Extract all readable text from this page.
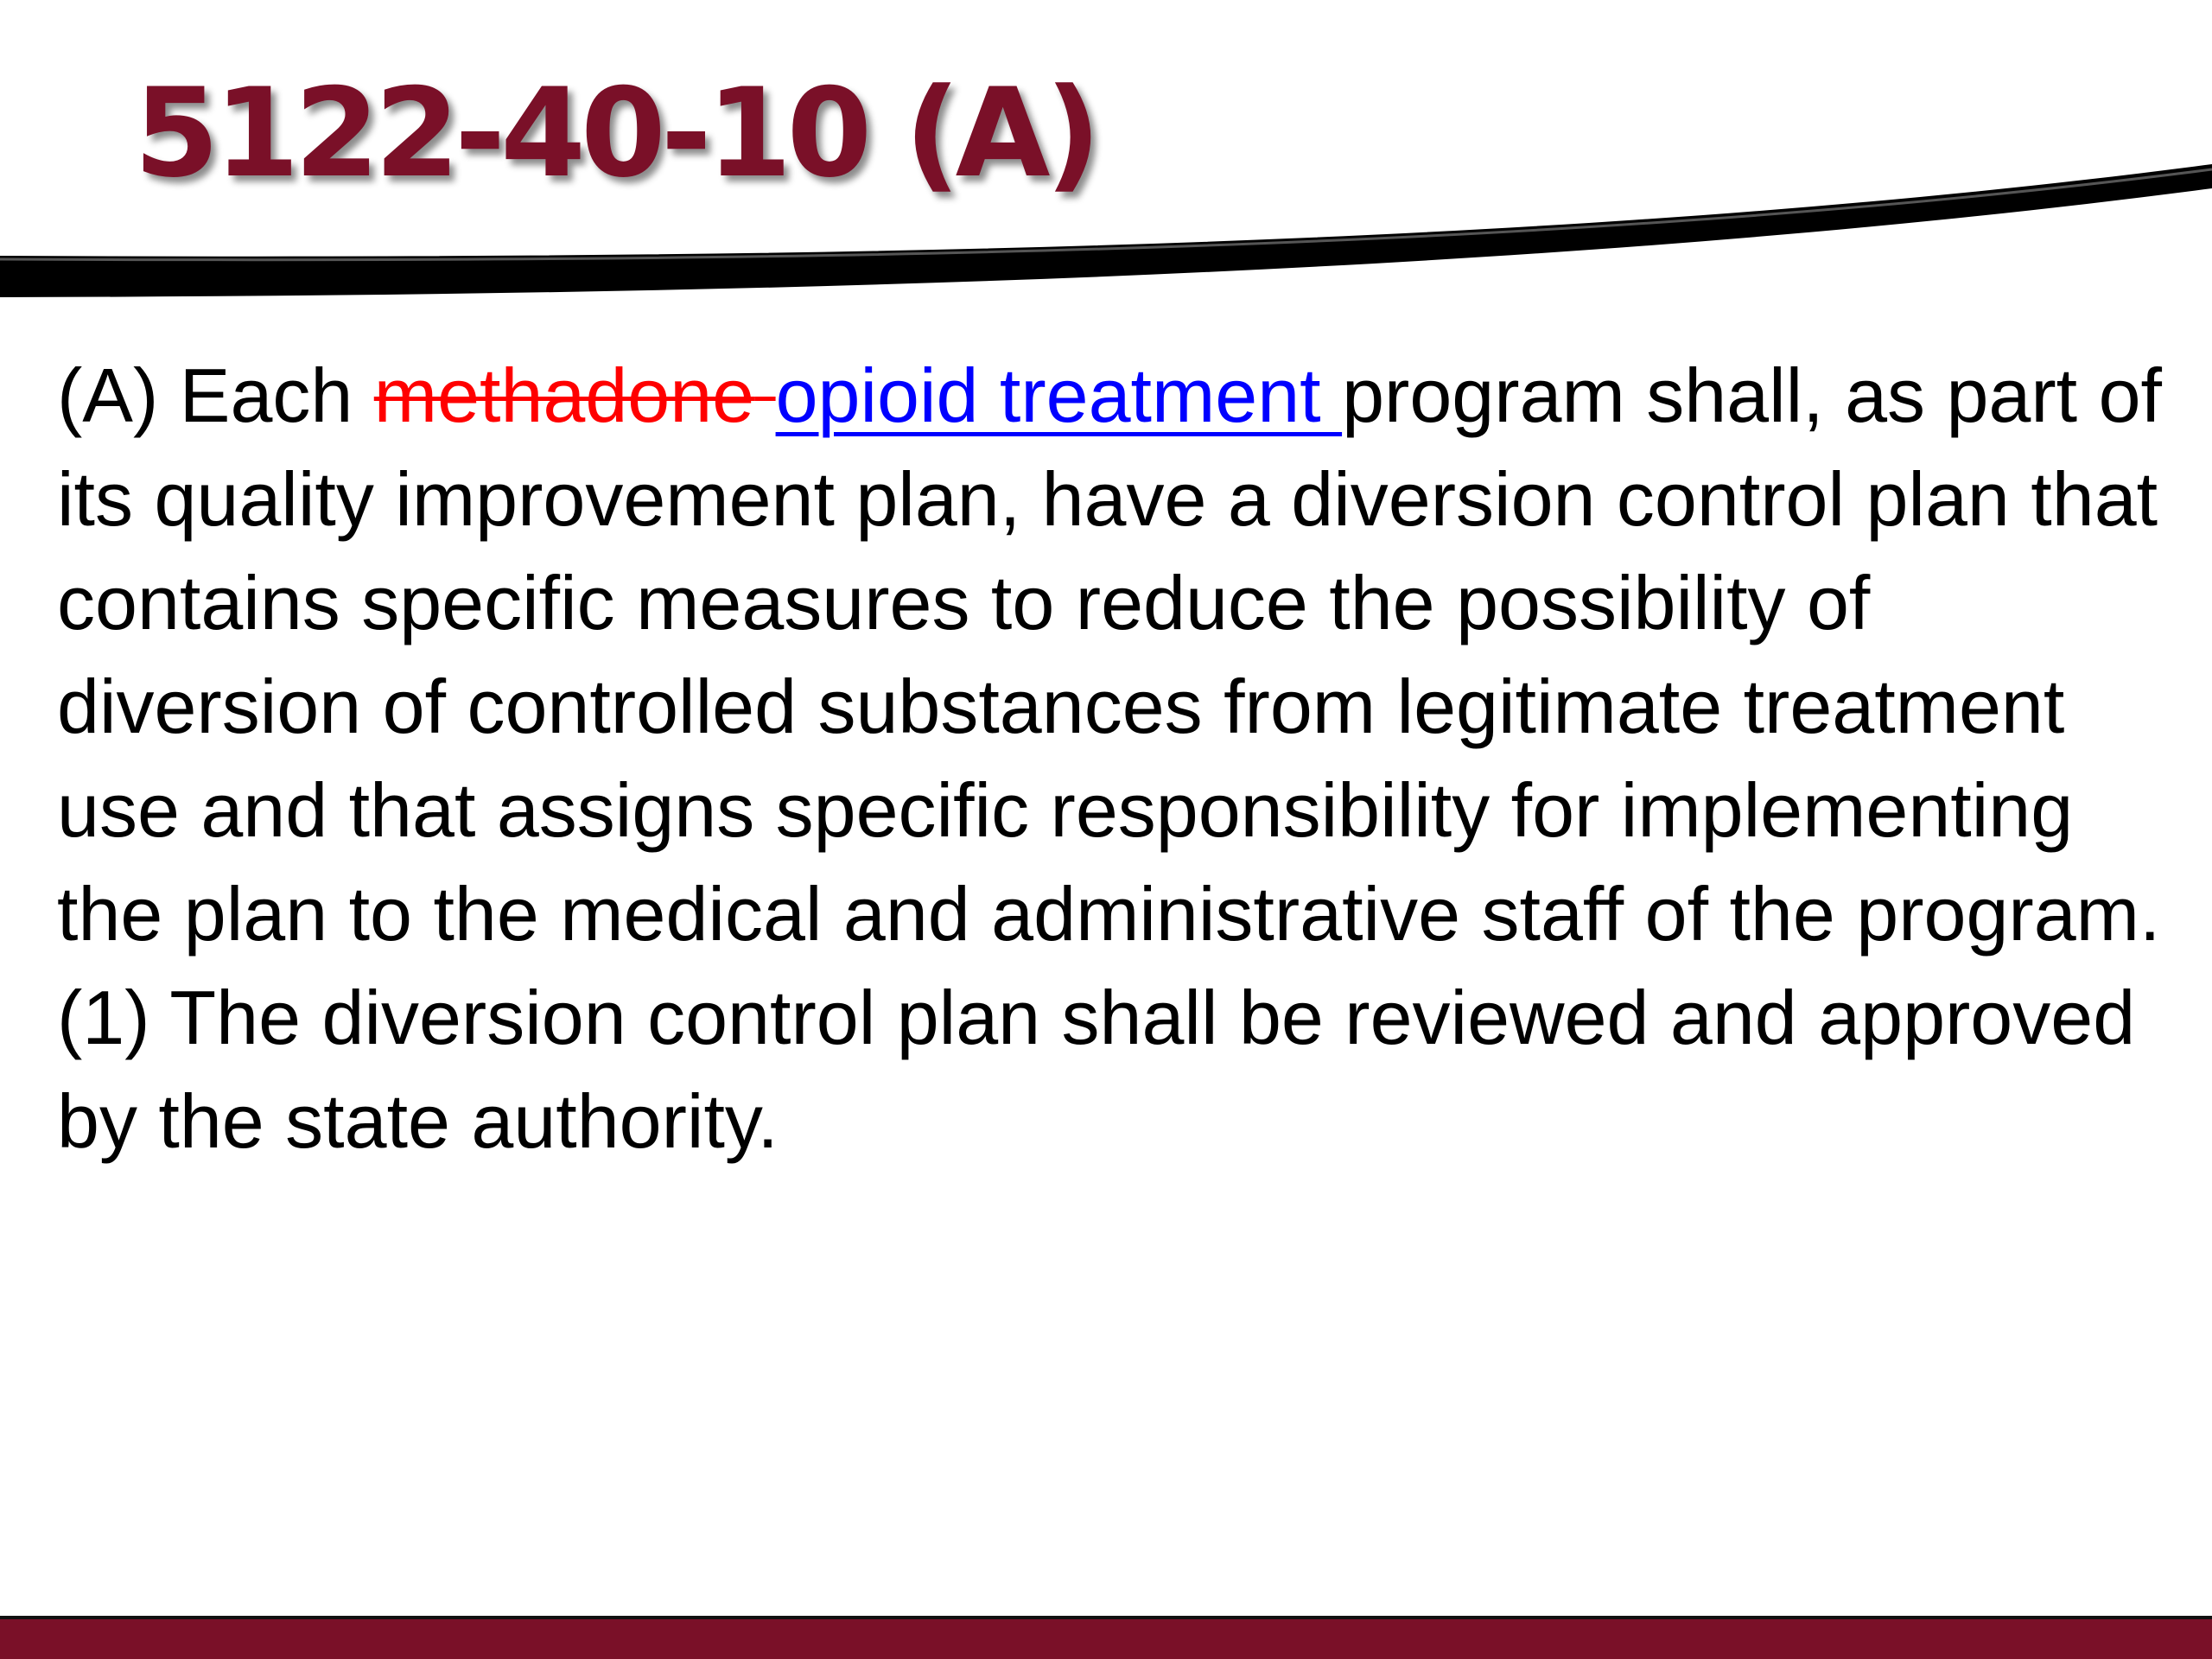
5122-40-10 (A)

(A) Each methadone opioid treatment program shall, as part of its quality improvement plan, have a diversion control plan that contains specific measures to reduce the possibility of diversion of controlled substances from legitimate treatment use and that assigns specific responsibility for implementing the plan to the medical and administrative staff of the program.

(1) The diversion control plan shall be reviewed and approved by the state authority.
